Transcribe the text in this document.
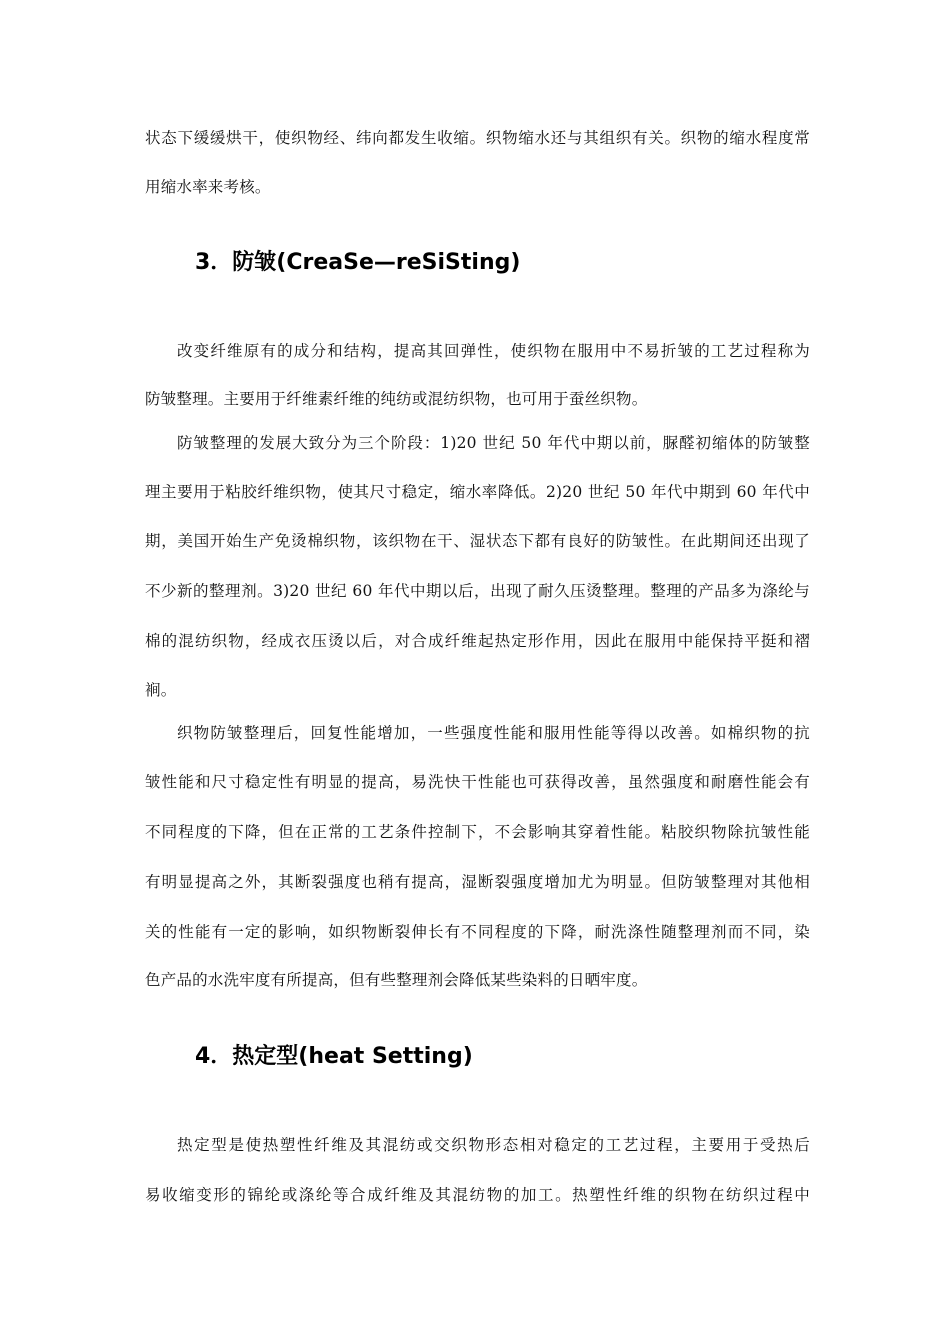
状态下缓缓烘干，使织物经、纬向都发生收缩。织物缩水还与其组织有关。织物的缩水程度常
用缩水率来考核。
3．防皱(CreaSe—reSiSting)
改变纤维原有的成分和结构，提高其回弹性，使织物在服用中不易折皱的工艺过程称为
防皱整理。主要用于纤维素纤维的纯纺或混纺织物，也可用于蚕丝织物。
防皱整理的发展大致分为三个阶段：1)20 世纪 50 年代中期以前，脲醛初缩体的防皱整
理主要用于粘胶纤维织物，使其尺寸稳定，缩水率降低。2)20 世纪 50 年代中期到 60 年代中
期，美国开始生产免烫棉织物，该织物在干、湿状态下都有良好的防皱性。在此期间还出现了
不少新的整理剂。3)20 世纪 60 年代中期以后，出现了耐久压烫整理。整理的产品多为涤纶与
棉的混纺织物，经成衣压烫以后，对合成纤维起热定形作用，因此在服用中能保持平挺和褶
裥。
织物防皱整理后，回复性能增加，一些强度性能和服用性能等得以改善。如棉织物的抗
皱性能和尺寸稳定性有明显的提高，易洗快干性能也可获得改善，虽然强度和耐磨性能会有
不同程度的下降，但在正常的工艺条件控制下，不会影响其穿着性能。粘胶织物除抗皱性能
有明显提高之外，其断裂强度也稍有提高，湿断裂强度增加尤为明显。但防皱整理对其他相
关的性能有一定的影响，如织物断裂伸长有不同程度的下降，耐洗涤性随整理剂而不同，染
色产品的水洗牢度有所提高，但有些整理剂会降低某些染料的日晒牢度。
4．热定型(heat Setting)
热定型是使热塑性纤维及其混纺或交织物形态相对稳定的工艺过程，主要用于受热后
易收缩变形的锦纶或涤纶等合成纤维及其混纺物的加工。热塑性纤维的织物在纺织过程中
